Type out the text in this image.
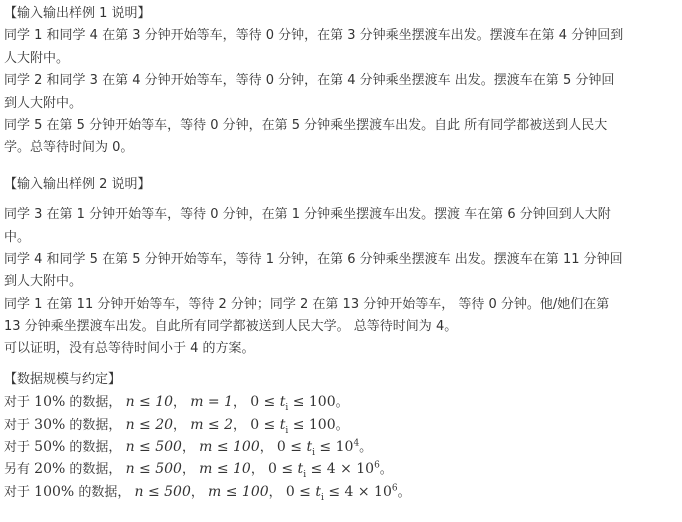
【输入输出样例 1 说明】
同学 1 和同学 4 在第 3 分钟开始等车，等待 0 分钟，在第 3 分钟乘坐摆渡车出发。摆渡车在第 4 分钟回到
人大附中。
同学 2 和同学 3 在第 4 分钟开始等车，等待 0 分钟，在第 4 分钟乘坐摆渡车 出发。摆渡车在第 5 分钟回
到人大附中。
同学 5 在第 5 分钟开始等车，等待 0 分钟，在第 5 分钟乘坐摆渡车出发。自此 所有同学都被送到人民大
学。总等待时间为 0。
【输入输出样例 2 说明】
同学 3 在第 1 分钟开始等车，等待 0 分钟，在第 1 分钟乘坐摆渡车出发。摆渡 车在第 6 分钟回到人大附
中。
同学 4 和同学 5 在第 5 分钟开始等车，等待 1 分钟，在第 6 分钟乘坐摆渡车 出发。摆渡车在第 11 分钟回
到人大附中。
同学 1 在第 11 分钟开始等车，等待 2 分钟；同学 2 在第 13 分钟开始等车， 等待 0 分钟。他/她们在第
13 分钟乘坐摆渡车出发。自此所有同学都被送到人民大学。 总等待时间为 4。
可以证明，没有总等待时间小于 4 的方案。
【数据规模与约定】
对于 10% 的数据， n ≤ 10， m = 1， $0 \le t_i \le 100$。
对于 30% 的数据， n ≤ 20， m ≤ 2， $0 \le t_i \le 100$。
对于 50% 的数据， n ≤ 500， m ≤ 100， $0 \le t_i \le 10^4$。
另有 20% 的数据， n ≤ 500， m ≤ 10， $0 \le t_i \le 4 \times 10^6$。
对于 100% 的数据， n ≤ 500， m ≤ 100， $0 \le t_i \le 4 \times 10^6$。
